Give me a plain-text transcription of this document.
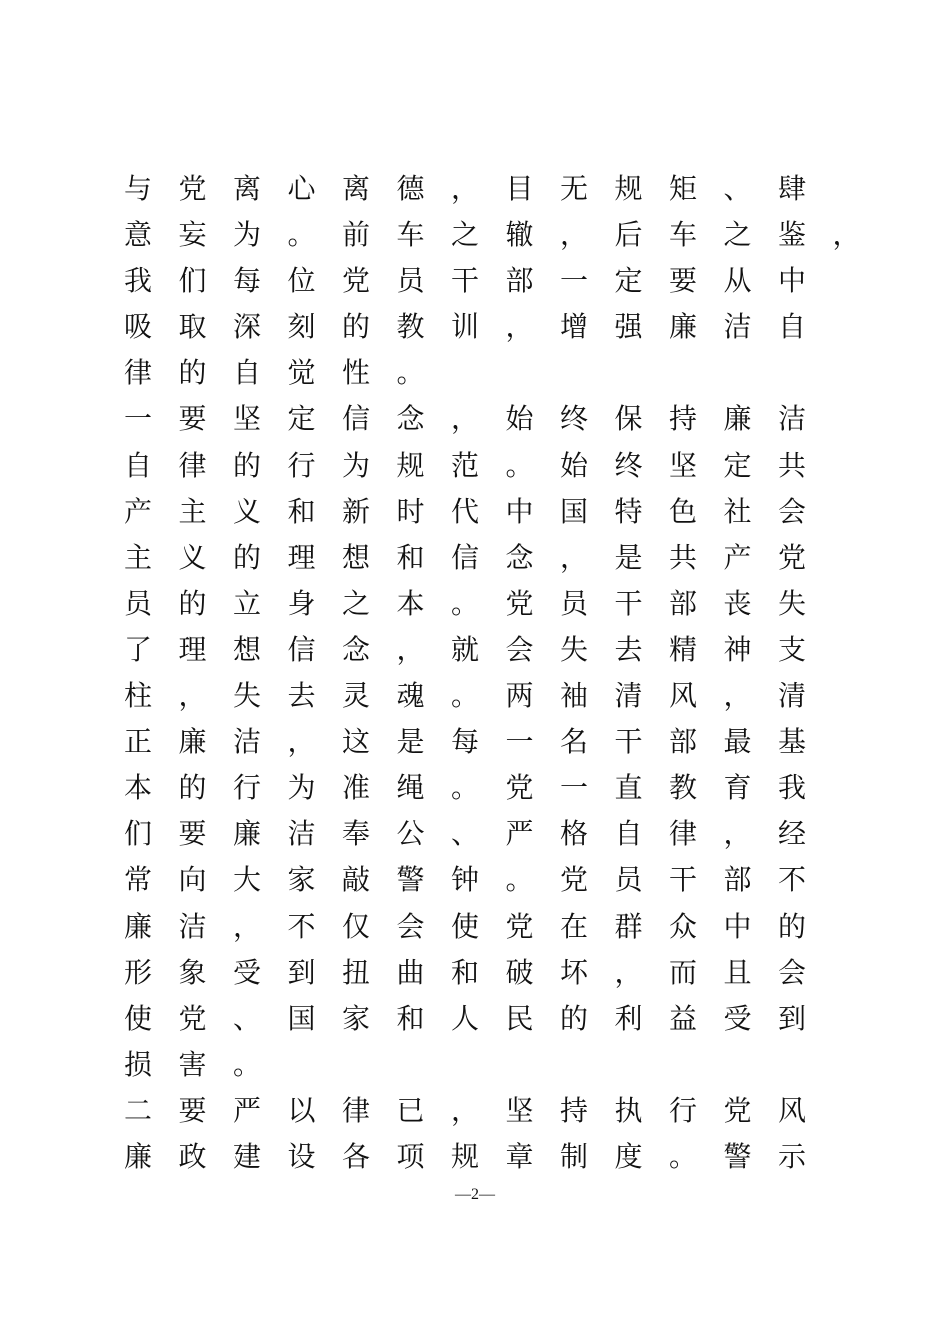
与党离心离德，目无规矩、肆
意妄为。前车之辙，后车之鉴，
我们每位党员干部一定要从中
吸取深刻的教训，增强廉洁自
律的自觉性。
一要坚定信念，始终保持廉洁
自律的行为规范。始终坚定共
产主义和新时代中国特色社会
主义的理想和信念，是共产党
员的立身之本。党员干部丧失
了理想信念，就会失去精神支
柱，失去灵魂。两袖清风，清
正廉洁，这是每一名干部最基
本的行为准绳。党一直教育我
们要廉洁奉公、严格自律，经
常向大家敲警钟。党员干部不
廉洁，不仅会使党在群众中的
形象受到扭曲和破坏，而且会
使党、国家和人民的利益受到
损害。
二要严以律已，坚持执行党风
廉政建设各项规章制度。警示
—2—
